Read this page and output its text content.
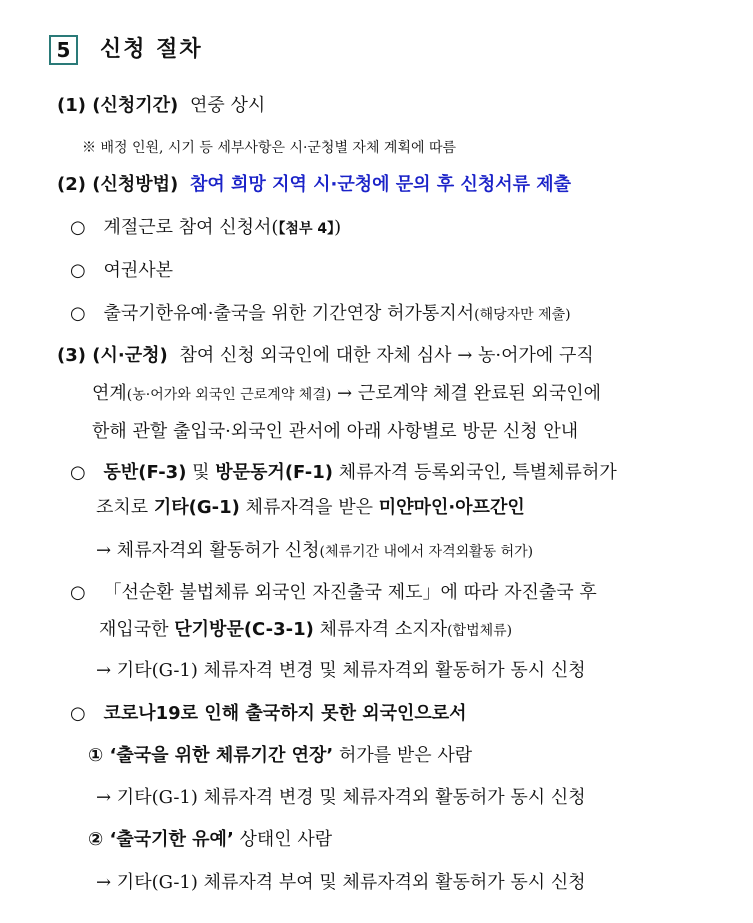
5	신청 절차
(1) (신청기간) 연중 상시
※ 배정 인원, 시기 등 세부사항은 시·군청별 자체 계획에 따름
(2) (신청방법) 참여 희망 지역 시·군청에 문의 후 신청서류 제출
○ 계절근로 참여 신청서(【첨부 4】)
○ 여권사본
○ 출국기한유예·출국을 위한 기간연장 허가통지서(해당자만 제출)
(3) (시·군청) 참여 신청 외국인에 대한 자체 심사 → 농·어가에 구직
연계(농·어가와 외국인 근로계약 체결) → 근로계약 체결 완료된 외국인에
한해 관할 출입국·외국인 관서에 아래 사항별로 방문 신청 안내
○ 동반(F-3) 및 방문동거(F-1) 체류자격 등록외국인, 특별체류허가
조치로 기타(G-1) 체류자격을 받은 미얀마인·아프간인
→ 체류자격외 활동허가 신청(체류기간 내에서 자격외활동 허가)
○ 「선순환 불법체류 외국인 자진출국 제도」에 따라 자진출국 후
재입국한 단기방문(C-3-1) 체류자격 소지자(합법체류)
→ 기타(G-1) 체류자격 변경 및 체류자격외 활동허가 동시 신청
○ 코로나19로 인해 출국하지 못한 외국인으로서
① ‘출국을 위한 체류기간 연장’ 허가를 받은 사람
→ 기타(G-1) 체류자격 변경 및 체류자격외 활동허가 동시 신청
② ‘출국기한 유예’ 상태인 사람
→ 기타(G-1) 체류자격 부여 및 체류자격외 활동허가 동시 신청
